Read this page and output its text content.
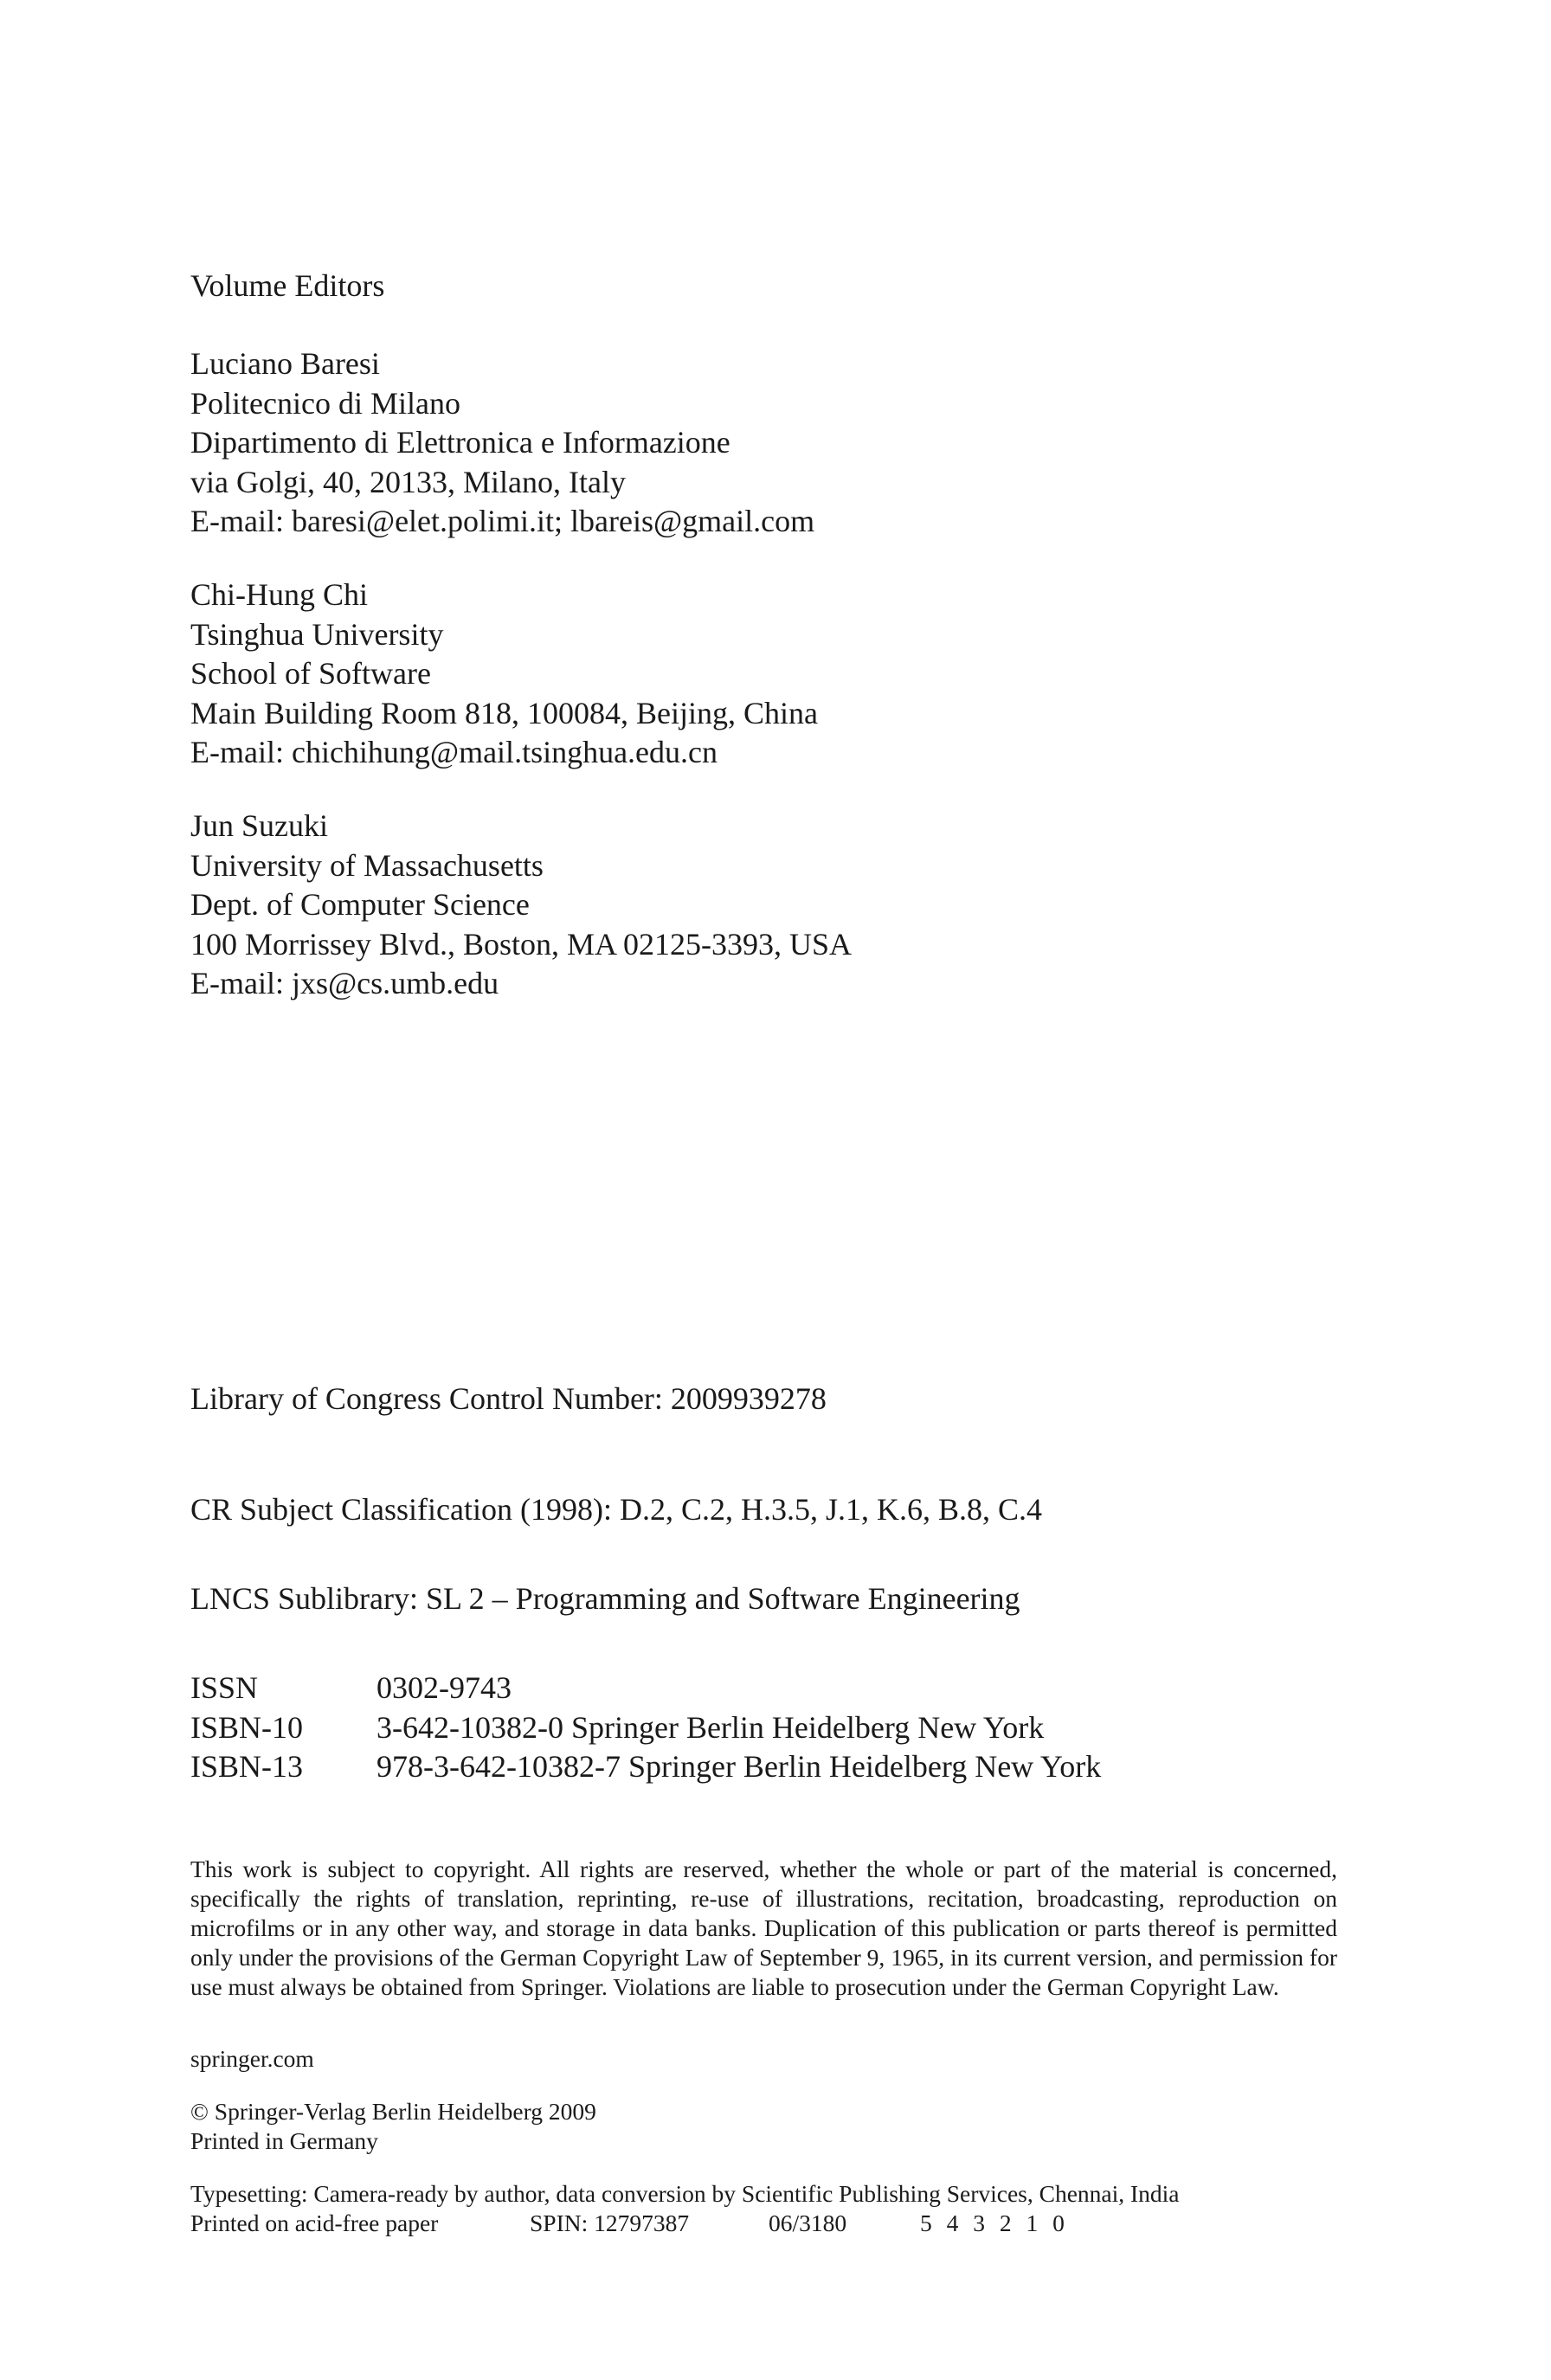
Volume Editors
Luciano Baresi
Politecnico di Milano
Dipartimento di Elettronica e Informazione
via Golgi, 40, 20133, Milano, Italy
E-mail: baresi@elet.polimi.it; lbareis@gmail.com
Chi-Hung Chi
Tsinghua University
School of Software
Main Building Room 818, 100084, Beijing, China
E-mail: chichihung@mail.tsinghua.edu.cn
Jun Suzuki
University of Massachusetts
Dept. of Computer Science
100 Morrissey Blvd., Boston, MA 02125-3393, USA
E-mail: jxs@cs.umb.edu
Library of Congress Control Number: 2009939278
CR Subject Classification (1998): D.2, C.2, H.3.5, J.1, K.6, B.8, C.4
LNCS Sublibrary: SL 2 – Programming and Software Engineering
ISSN	0302-9743
ISBN-10 3-642-10382-0 Springer Berlin Heidelberg New York
ISBN-13 978-3-642-10382-7 Springer Berlin Heidelberg New York
This work is subject to copyright. All rights are reserved, whether the whole or part of the material is concerned, specifically the rights of translation, reprinting, re-use of illustrations, recitation, broadcasting, reproduction on microfilms or in any other way, and storage in data banks. Duplication of this publication or parts thereof is permitted only under the provisions of the German Copyright Law of September 9, 1965, in its current version, and permission for use must always be obtained from Springer. Violations are liable to prosecution under the German Copyright Law.
springer.com
© Springer-Verlag Berlin Heidelberg 2009
Printed in Germany
Typesetting: Camera-ready by author, data conversion by Scientific Publishing Services, Chennai, India
Printed on acid-free paper	SPIN: 12797387	06/3180	5 4 3 2 1 0
